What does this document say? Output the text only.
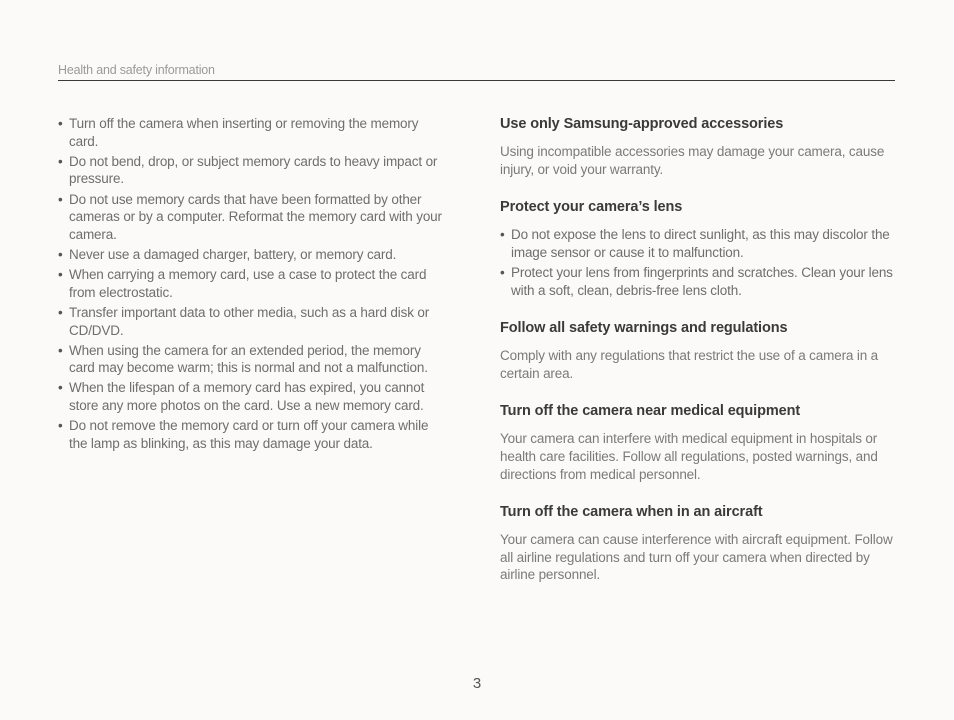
Health and safety information
• Turn off the camera when inserting or removing the memory card.
• Do not bend, drop, or subject memory cards to heavy impact or pressure.
• Do not use memory cards that have been formatted by other cameras or by a computer. Reformat the memory card with your camera.
• Never use a damaged charger, battery, or memory card.
• When carrying a memory card, use a case to protect the card from electrostatic.
• Transfer important data to other media, such as a hard disk or CD/DVD.
• When using the camera for an extended period, the memory card may become warm; this is normal and not a malfunction.
• When the lifespan of a memory card has expired, you cannot store any more photos on the card. Use a new memory card.
• Do not remove the memory card or turn off your camera while the lamp as blinking, as this may damage your data.
Use only Samsung-approved accessories

Using incompatible accessories may damage your camera, cause injury, or void your warranty.

Protect your camera’s lens
• Do not expose the lens to direct sunlight, as this may discolor the image sensor or cause it to malfunction.
• Protect your lens from fingerprints and scratches. Clean your lens with a soft, clean, debris-free lens cloth.
Follow all safety warnings and regulations

Comply with any regulations that restrict the use of a camera in a certain area.

Turn off the camera near medical equipment

Your camera can interfere with medical equipment in hospitals or health care facilities. Follow all regulations, posted warnings, and directions from medical personnel.

Turn off the camera when in an aircraft

Your camera can cause interference with aircraft equipment. Follow all airline regulations and turn off your camera when directed by airline personnel.

3
